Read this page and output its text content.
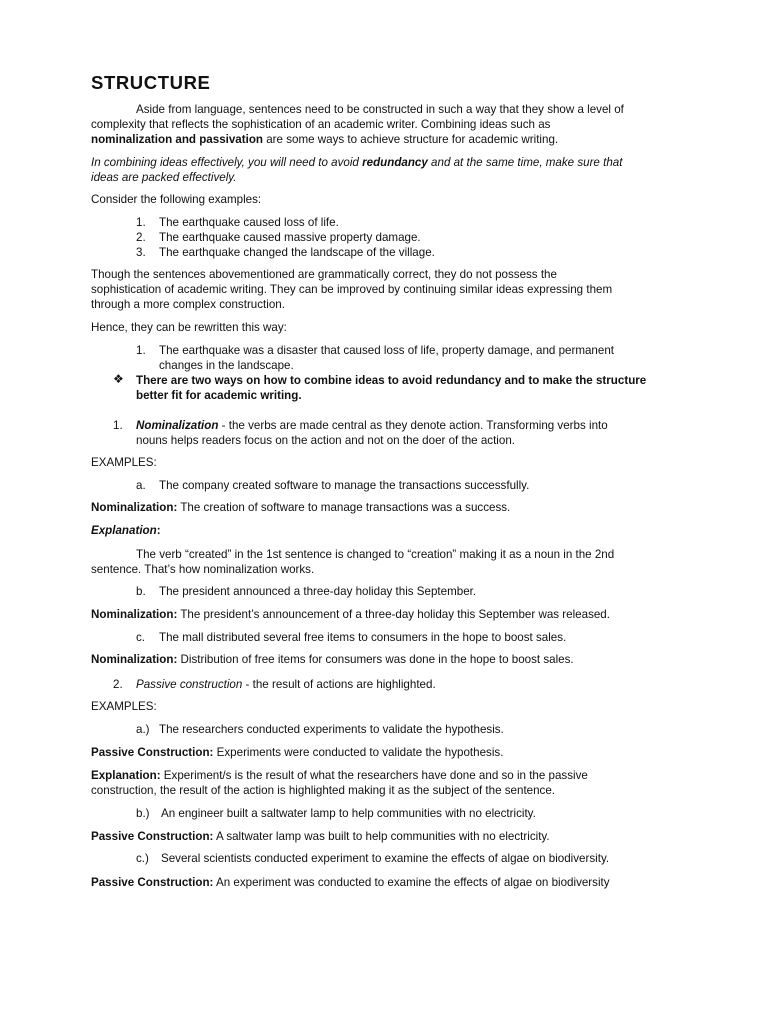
STRUCTURE
Aside from language, sentences need to be constructed in such a way that they show a level of
complexity that reflects the sophistication of an academic writer. Combining ideas such as
nominalization and passivation are some ways to achieve structure for academic writing.
In combining ideas effectively, you will need to avoid redundancy and at the same time, make sure that
ideas are packed effectively.
Consider the following examples:
1. The earthquake caused loss of life.
2. The earthquake caused massive property damage.
3. The earthquake changed the landscape of the village.
Though the sentences abovementioned are grammatically correct, they do not possess the
sophistication of academic writing. They can be improved by continuing similar ideas expressing them
through a more complex construction.
Hence, they can be rewritten this way:
1. The earthquake was a disaster that caused loss of life, property damage, and permanent
changes in the landscape.
❖ There are two ways on how to combine ideas to avoid redundancy and to make the structure
better fit for academic writing.
1. Nominalization - the verbs are made central as they denote action. Transforming verbs into
nouns helps readers focus on the action and not on the doer of the action.
EXAMPLES:
a. The company created software to manage the transactions successfully.
Nominalization: The creation of software to manage transactions was a success.
Explanation:
The verb “created” in the 1st sentence is changed to “creation” making it as a noun in the 2nd
sentence. That’s how nominalization works.
b. The president announced a three-day holiday this September.
Nominalization: The president’s announcement of a three-day holiday this September was released.
c. The mall distributed several free items to consumers in the hope to boost sales.
Nominalization: Distribution of free items for consumers was done in the hope to boost sales.
2. Passive construction - the result of actions are highlighted.
EXAMPLES:
a.) The researchers conducted experiments to validate the hypothesis.
Passive Construction: Experiments were conducted to validate the hypothesis.
Explanation: Experiment/s is the result of what the researchers have done and so in the passive
construction, the result of the action is highlighted making it as the subject of the sentence.
b.) An engineer built a saltwater lamp to help communities with no electricity.
Passive Construction: A saltwater lamp was built to help communities with no electricity.
c.) Several scientists conducted experiment to examine the effects of algae on biodiversity.
Passive Construction: An experiment was conducted to examine the effects of algae on biodiversity
